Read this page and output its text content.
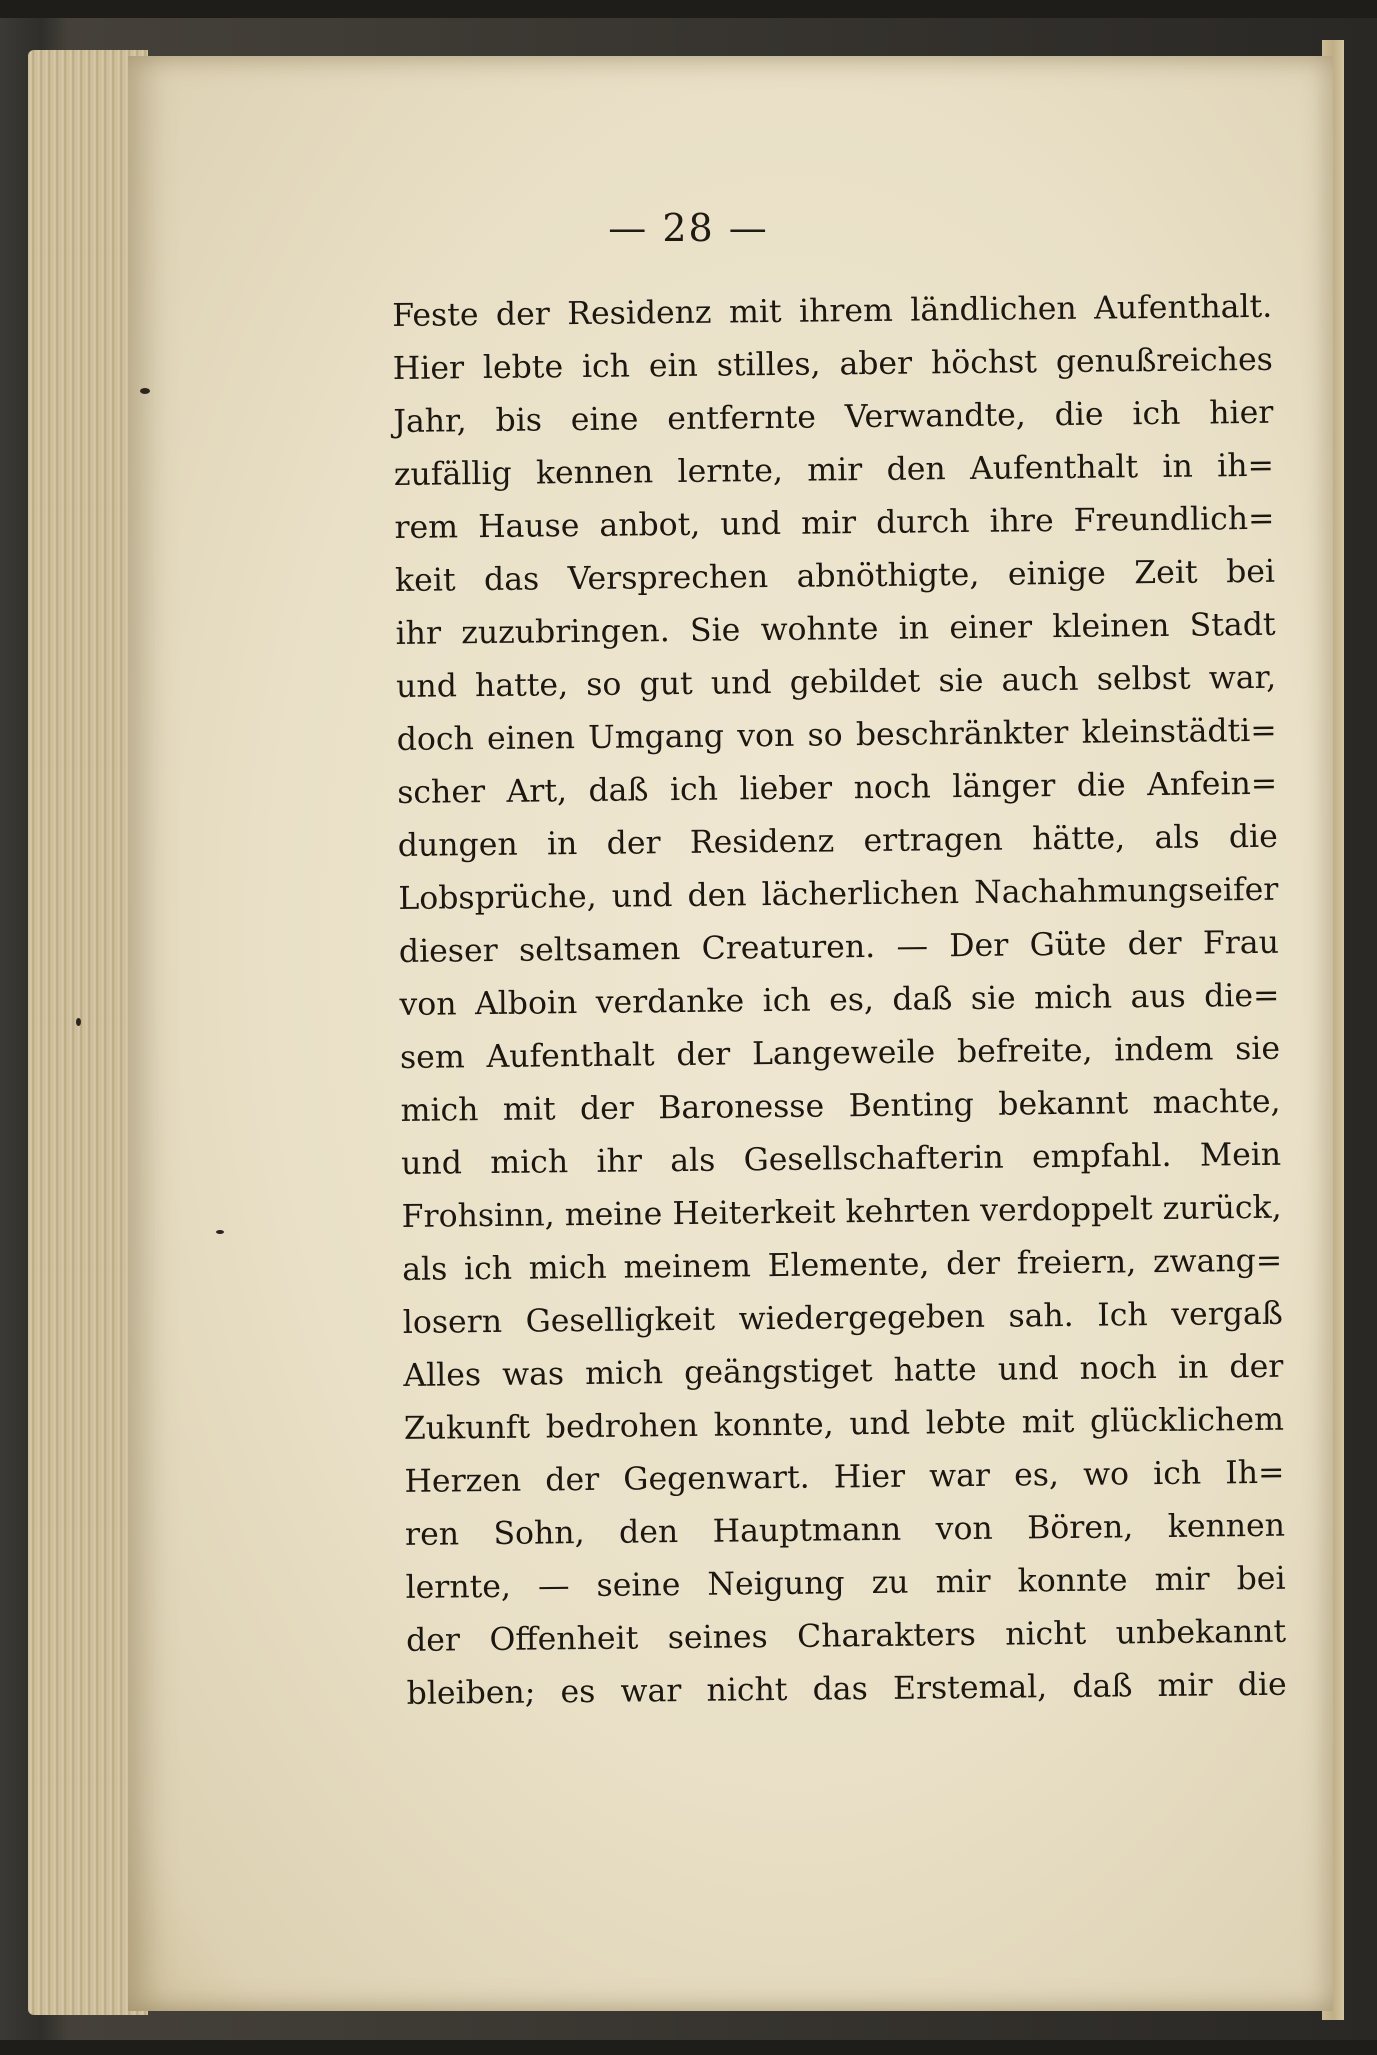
— 28 —
Feste der Residenz mit ihrem ländlichen Aufenthalt.
Hier lebte ich ein stilles, aber höchst genußreiches
Jahr, bis eine entfernte Verwandte, die ich hier
zufällig kennen lernte, mir den Aufenthalt in ih=
rem Hause anbot, und mir durch ihre Freundlich=
keit das Versprechen abnöthigte, einige Zeit bei
ihr zuzubringen. Sie wohnte in einer kleinen Stadt
und hatte, so gut und gebildet sie auch selbst war,
doch einen Umgang von so beschränkter kleinstädti=
scher Art, daß ich lieber noch länger die Anfein=
dungen in der Residenz ertragen hätte, als die
Lobsprüche, und den lächerlichen Nachahmungseifer
dieser seltsamen Creaturen. — Der Güte der Frau
von Alboin verdanke ich es, daß sie mich aus die=
sem Aufenthalt der Langeweile befreite, indem sie
mich mit der Baronesse Benting bekannt machte,
und mich ihr als Gesellschafterin empfahl. Mein
Frohsinn, meine Heiterkeit kehrten verdoppelt zurück,
als ich mich meinem Elemente, der freiern, zwang=
losern Geselligkeit wiedergegeben sah. Ich vergaß
Alles was mich geängstiget hatte und noch in der
Zukunft bedrohen konnte, und lebte mit glücklichem
Herzen der Gegenwart. Hier war es, wo ich Ih=
ren Sohn, den Hauptmann von Bören, kennen
lernte, — seine Neigung zu mir konnte mir bei
der Offenheit seines Charakters nicht unbekannt
bleiben; es war nicht das Erstemal, daß mir die
